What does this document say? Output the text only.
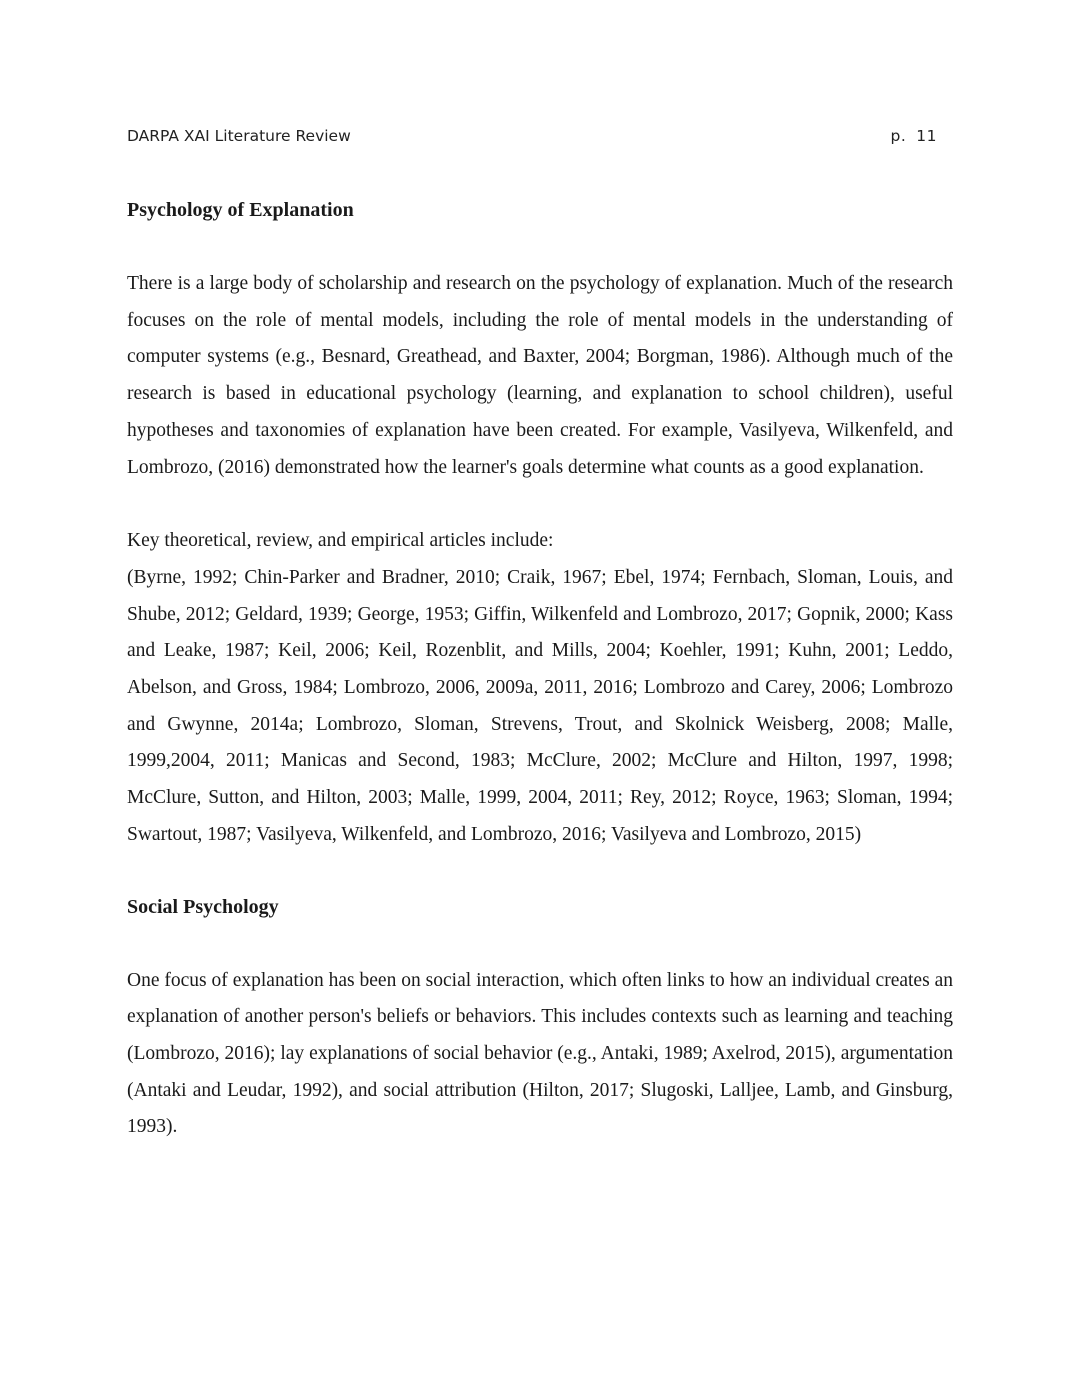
DARPA XAI Literature Review	p. 11
Psychology of Explanation

There is a large body of scholarship and research on the psychology of explanation. Much of the research focuses on the role of mental models, including the role of mental models in the understanding of computer systems (e.g., Besnard, Greathead, and Baxter, 2004; Borgman, 1986). Although much of the research is based in educational psychology (learning, and explanation to school children), useful hypotheses and taxonomies of explanation have been created. For example, Vasilyeva, Wilkenfeld, and Lombrozo, (2016) demonstrated how the learner's goals determine what counts as a good explanation.

Key theoretical, review, and empirical articles include:

(Byrne, 1992; Chin-Parker and Bradner, 2010; Craik, 1967; Ebel, 1974; Fernbach, Sloman, Louis, and Shube, 2012; Geldard, 1939; George, 1953; Giffin, Wilkenfeld and Lombrozo, 2017; Gopnik, 2000; Kass and Leake, 1987; Keil, 2006; Keil, Rozenblit, and Mills, 2004; Koehler, 1991; Kuhn, 2001; Leddo, Abelson, and Gross, 1984; Lombrozo, 2006, 2009a, 2011, 2016; Lombrozo and Carey, 2006; Lombrozo and Gwynne, 2014a; Lombrozo, Sloman, Strevens, Trout, and Skolnick Weisberg, 2008; Malle, 1999,2004, 2011; Manicas and Second, 1983; McClure, 2002; McClure and Hilton, 1997, 1998; McClure, Sutton, and Hilton, 2003; Malle, 1999, 2004, 2011; Rey, 2012; Royce, 1963; Sloman, 1994; Swartout, 1987; Vasilyeva, Wilkenfeld, and Lombrozo, 2016; Vasilyeva and Lombrozo, 2015)

Social Psychology

One focus of explanation has been on social interaction, which often links to how an individual creates an explanation of another person's beliefs or behaviors. This includes contexts such as learning and teaching (Lombrozo, 2016); lay explanations of social behavior (e.g., Antaki, 1989; Axelrod, 2015), argumentation (Antaki and Leudar, 1992), and social attribution (Hilton, 2017; Slugoski, Lalljee, Lamb, and Ginsburg, 1993).
